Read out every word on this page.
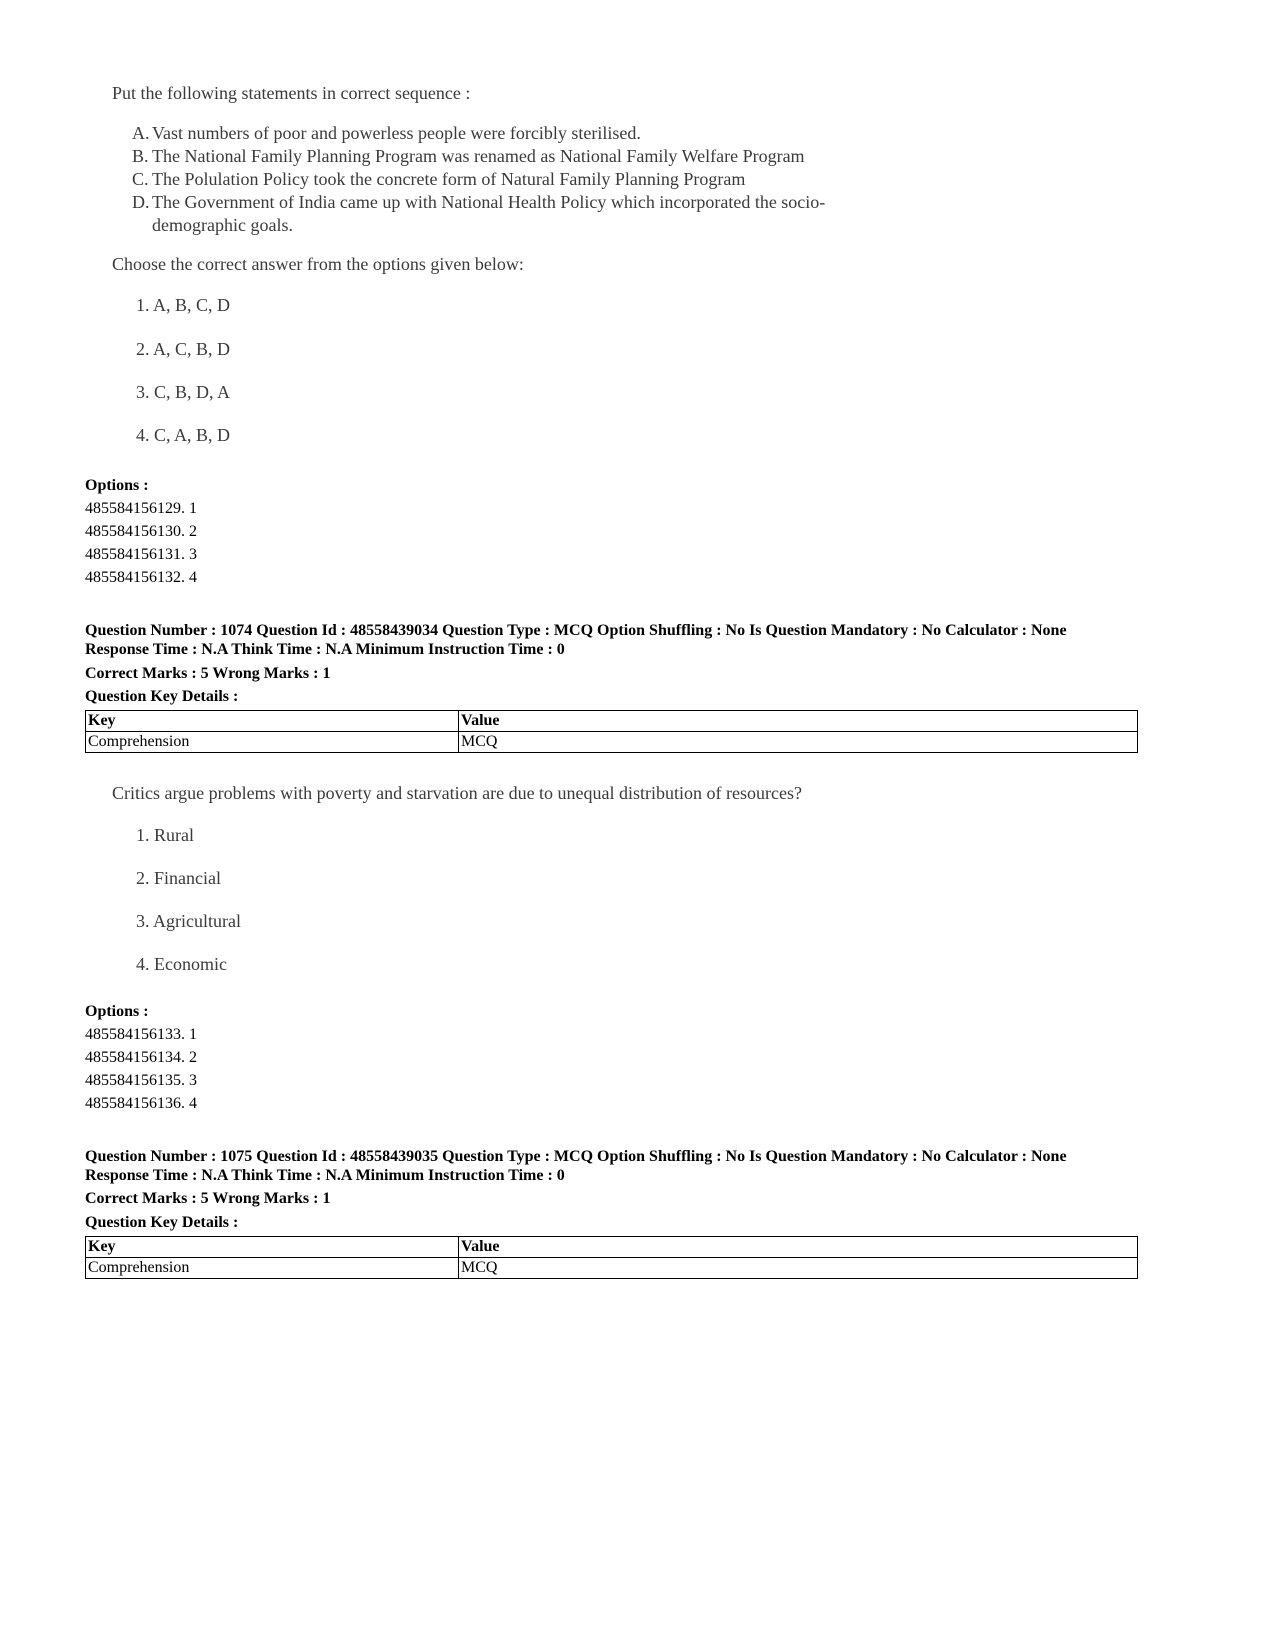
Put the following statements in correct sequence :
A. Vast numbers of poor and powerless people were forcibly sterilised.
B. The National Family Planning Program was renamed as National Family Welfare Program
C. The Polulation Policy took the concrete form of Natural Family Planning Program
D. The Government of India came up with National Health Policy which incorporated the socio-
demographic goals.
Choose the correct answer from the options given below:
1. A, B, C, D
2. A, C, B, D
3. C, B, D, A
4. C, A, B, D
Options :
485584156129. 1
485584156130. 2
485584156131. 3
485584156132. 4
Question Number : 1074 Question Id : 48558439034 Question Type : MCQ Option Shuffling : No Is Question Mandatory : No Calculator : None
Response Time : N.A Think Time : N.A Minimum Instruction Time : 0
Correct Marks : 5 Wrong Marks : 1
Question Key Details :
Key	Value
Comprehension	MCQ
Critics argue problems with poverty and starvation are due to unequal distribution of resources?
1. Rural
2. Financial
3. Agricultural
4. Economic
Options :
485584156133. 1
485584156134. 2
485584156135. 3
485584156136. 4
Question Number : 1075 Question Id : 48558439035 Question Type : MCQ Option Shuffling : No Is Question Mandatory : No Calculator : None
Response Time : N.A Think Time : N.A Minimum Instruction Time : 0
Correct Marks : 5 Wrong Marks : 1
Question Key Details :
Key	Value
Comprehension	MCQ
